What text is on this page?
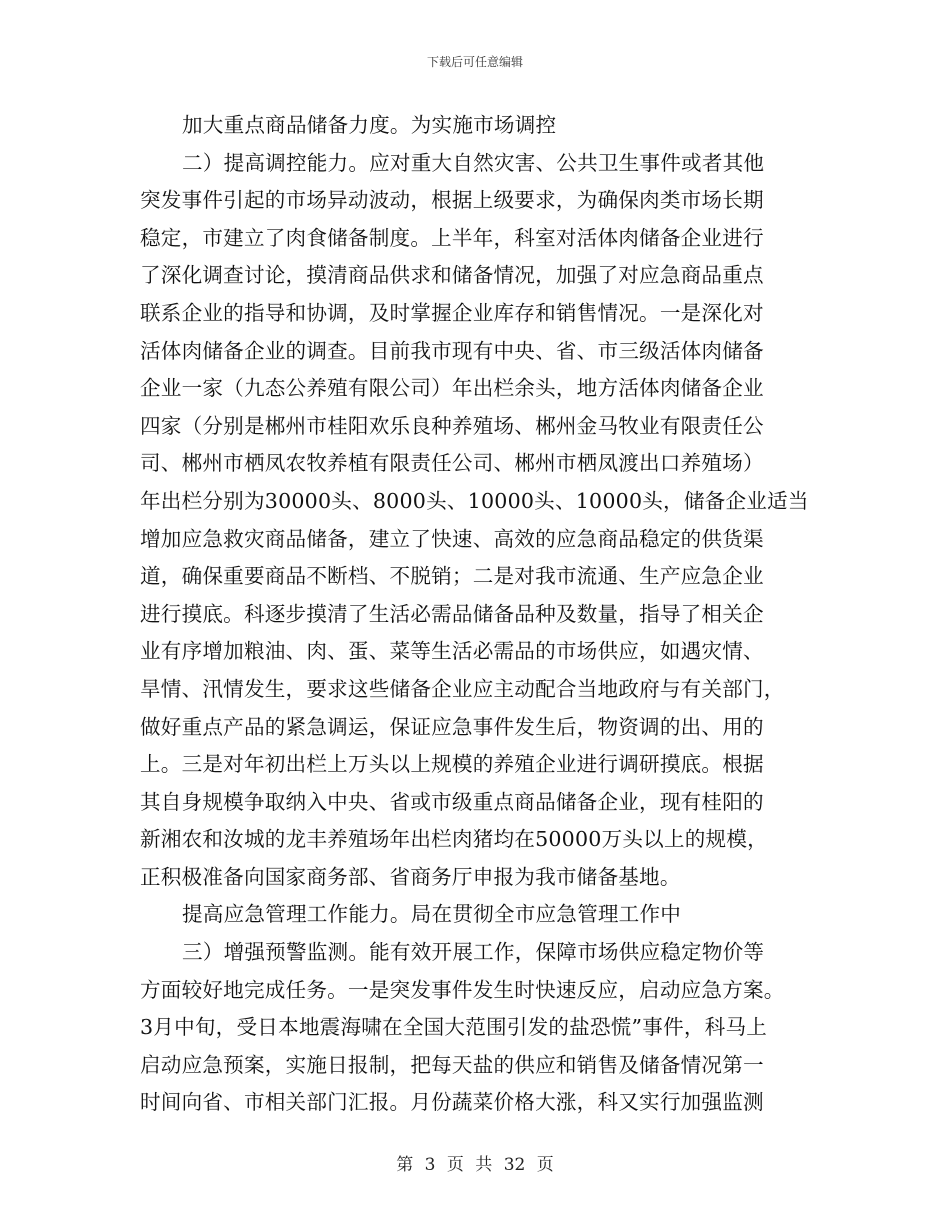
下载后可任意编辑
加大重点商品储备力度。为实施市场调控
二）提高调控能力。应对重大自然灾害、公共卫生事件或者其他
突发事件引起的市场异动波动，根据上级要求，为确保肉类市场长期
稳定，市建立了肉食储备制度。上半年，科室对活体肉储备企业进行
了深化调查讨论，摸清商品供求和储备情况，加强了对应急商品重点
联系企业的指导和协调，及时掌握企业库存和销售情况。一是深化对
活体肉储备企业的调查。目前我市现有中央、省、市三级活体肉储备
企业一家（九态公养殖有限公司）年出栏余头，地方活体肉储备企业
四家（分别是郴州市桂阳欢乐良种养殖场、郴州金马牧业有限责任公
司、郴州市栖凤农牧养植有限责任公司、郴州市栖凤渡出口养殖场）
年出栏分别为30000头、8000头、10000头、10000头，储备企业适当
增加应急救灾商品储备，建立了快速、高效的应急商品稳定的供货渠
道，确保重要商品不断档、不脱销；二是对我市流通、生产应急企业
进行摸底。科逐步摸清了生活必需品储备品种及数量，指导了相关企
业有序增加粮油、肉、蛋、菜等生活必需品的市场供应，如遇灾情、
旱情、汛情发生，要求这些储备企业应主动配合当地政府与有关部门，
做好重点产品的紧急调运，保证应急事件发生后，物资调的出、用的
上。三是对年初出栏上万头以上规模的养殖企业进行调研摸底。根据
其自身规模争取纳入中央、省或市级重点商品储备企业，现有桂阳的
新湘农和汝城的龙丰养殖场年出栏肉猪均在50000万头以上的规模，
正积极准备向国家商务部、省商务厅申报为我市储备基地。
提高应急管理工作能力。局在贯彻全市应急管理工作中
三）增强预警监测。能有效开展工作，保障市场供应稳定物价等
方面较好地完成任务。一是突发事件发生时快速反应，启动应急方案。
3月中旬，受日本地震海啸在全国大范围引发的盐恐慌”事件，科马上
启动应急预案，实施日报制，把每天盐的供应和销售及储备情况第一
时间向省、市相关部门汇报。月份蔬菜价格大涨，科又实行加强监测
第 3 页 共 32 页
